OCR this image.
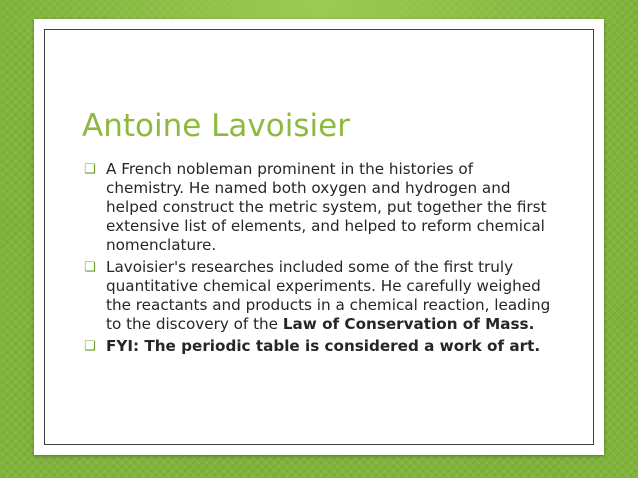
Antoine Lavoisier
❏ A French nobleman prominent in the histories of chemistry. He named both oxygen and hydrogen and helped construct the metric system, put together the first extensive list of elements, and helped to reform chemical nomenclature.
❏ Lavoisier's researches included some of the first truly quantitative chemical experiments. He carefully weighed the reactants and products in a chemical reaction, leading to the discovery of the Law of Conservation of Mass.
❏ FYI: The periodic table is considered a work of art.
